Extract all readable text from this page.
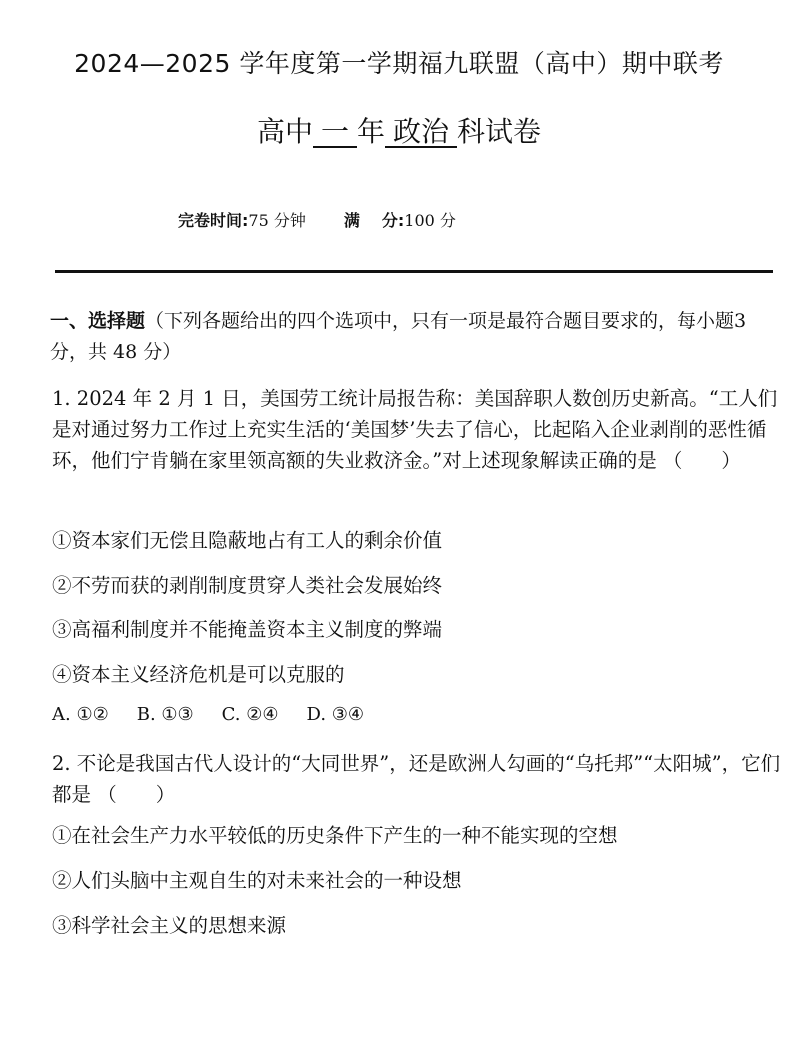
2024—2025 学年度第一学期福九联盟（高中）期中联考
高中 一 年 政治 科试卷
完卷时间:75 分钟 满 分:100 分
一、选择题（下列各题给出的四个选项中，只有一项是最符合题目要求的，每小题3分，共 48 分）
1. 2024 年 2 月 1 日，美国劳工统计局报告称：美国辞职人数创历史新高。“工人们是对通过努力工作过上充实生活的‘美国梦’失去了信心，比起陷入企业剥削的恶性循环，他们宁肯躺在家里领高额的失业救济金。”对上述现象解读正确的是 （　　）
①资本家们无偿且隐蔽地占有工人的剩余价值
②不劳而获的剥削制度贯穿人类社会发展始终
③高福利制度并不能掩盖资本主义制度的弊端
④资本主义经济危机是可以克服的
A. ①② B. ①③ C. ②④ D. ③④
2. 不论是我国古代人设计的“大同世界”，还是欧洲人勾画的“乌托邦”“太阳城”，它们都是 （　　）
①在社会生产力水平较低的历史条件下产生的一种不能实现的空想
②人们头脑中主观自生的对未来社会的一种设想
③科学社会主义的思想来源
